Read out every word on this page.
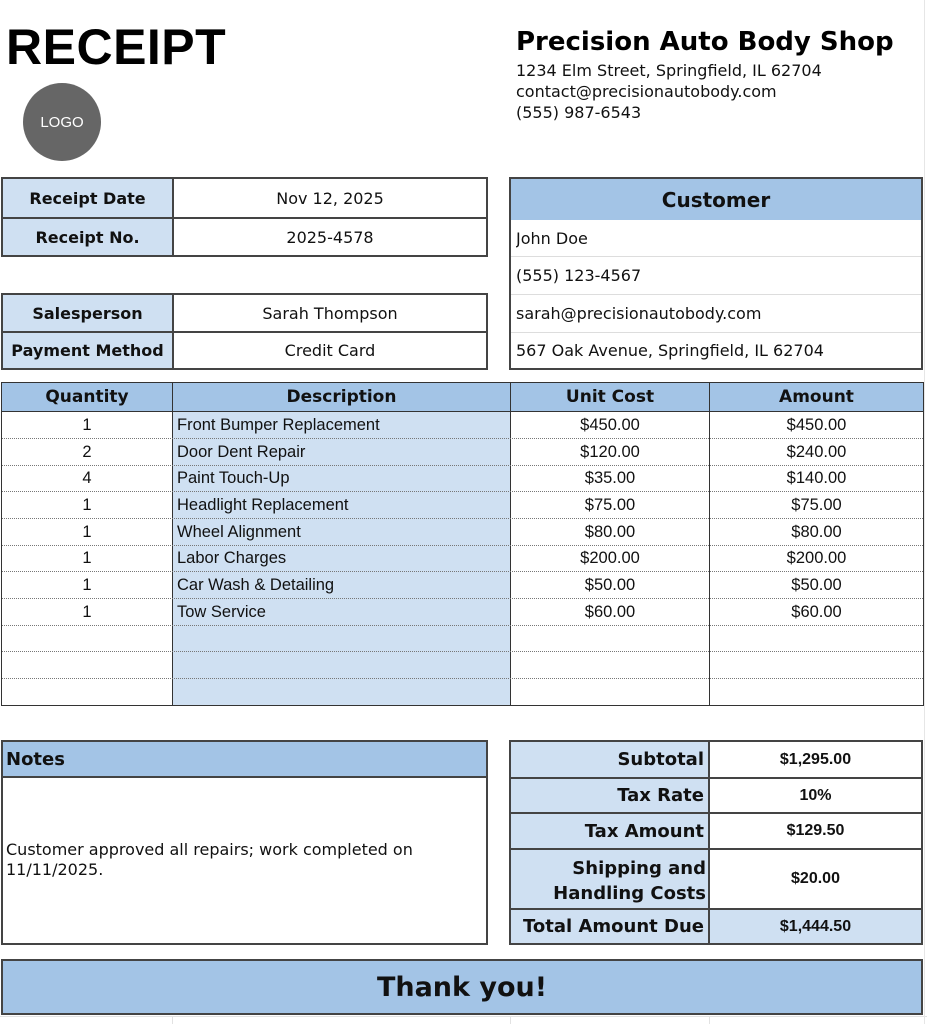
RECEIPT
LOGO
Precision Auto Body Shop
1234 Elm Street, Springfield, IL 62704
contact@precisionautobody.com
(555) 987-6543
Receipt Date	Nov 12, 2025
Receipt No.	2025-4578
Salesperson	Sarah Thompson
Payment Method	Credit Card
Customer
John Doe
(555) 123-4567
sarah@precisionautobody.com
567 Oak Avenue, Springfield, IL 62704
Quantity	Description	Unit Cost	Amount
1	Front Bumper Replacement	$450.00	$450.00
2	Door Dent Repair	$120.00	$240.00
4	Paint Touch-Up	$35.00	$140.00
1	Headlight Replacement	$75.00	$75.00
1	Wheel Alignment	$80.00	$80.00
1	Labor Charges	$200.00	$200.00
1	Car Wash & Detailing	$50.00	$50.00
1	Tow Service	$60.00	$60.00
Notes
Customer approved all repairs; work completed on 11/11/2025.
Subtotal	$1,295.00
Tax Rate	10%
Tax Amount	$129.50
Shipping and
Handling Costs
$20.00
Total Amount Due	$1,444.50
Thank you!
